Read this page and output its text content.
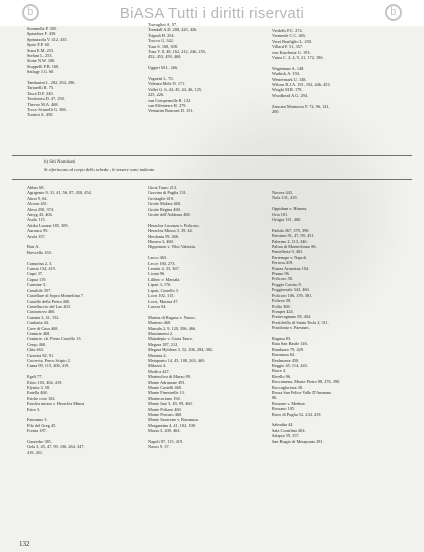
b	BiASA Tutti i diritti riservati	b
Sommella P. 305.
Spatafora F. 439.
Spinazzola V. 412, 435.
Spiro F.P. 60.
Stara E.M. 253.
Stefani L. 253.
Stone N.W. 180.
Stoppelli F.B. 168.
Szilagy J.G. 60.
Tamburini L. 282, 294, 296.
Tartarelli R. 75.
Tasca D.F. 240.
Teodoroiu D. 47, 250.
Thevoz M.A. 468.
Tocco Sciarelli G. 386.
Tornesi A. 458.
Travaglini A. 97.
Trendall A.D. 208, 425, 426.
Tripodi H. 254.
Trocco G. 342.
Tusa S. 168, 308.
Tusa V. 8, 48, 162, 212, 246, 255,
452, 453, 459, 468.
Uggeri M.L. 266.
Vagnetti L. 70.
Valenza Mele N. 171.
Vallet G. 6, 44, 45, 44, 46, 125,
225, 226.
van Compernolle R. 122.
van Effenterre H. 279.
Venturini Ronconi D. 151.
Verdelis P.C. 274.
Vermeule C.C. 465.
Verzi Bonfiglio L. 250.
Villard F. 51, 357.
von Kaschnitz G. 193.
Vutza C. 2, 4, 9, 21, 172, 186.
Wagemans A. 148.
Warbick A. 194.
Westermark U. 148.
Wilson R.J.A. 191, 192, 446, 453.
Wright M.R. 178.
Woodhead A.G. 294.
Zancani Montuoro P. 72, 96, 141,
200.
b) Siti Nominati
Si riferiscono al corpo dello scheda ; le tessere sono indicate.
Abbas 68.
Agrigento 9, 31, 41, 56, 87, 450, 454.
Akrai 9, 64.
Alceon 451.
Alesa 250, 374.
Amyg 43, 404.
Asolo 115.
Attika Lucana 185, 309.
Aurunco 95.
Avola 357.
Bari A.
Brescello 163.
Camarina 2, 3.
Cansia 134, 419.
Capri 37.
Capua 119.
Carmine 3.
Cassibile 357.
Castellare di Sopra Monteftina 7.
Castello della Pietra 460.
Castelluccio del Lao 403.
Castronovo 460.
Catania 2, 41, 152.
Caulonia 44.
Cave di Cusa 468.
Centurie 468.
Centurie, ch. Pieno Castello 13.
Cerqo 460.
Chiu 463.
Cizzeria 82, 91.
Crocevia, Parco Scipio 2.
Cuma 99, 115, 406, 419.
Egeli 77.
Eloro 103, 404, 419.
Elymia 3, 58.
Entella 468.
Eriche cose 163.
Eraclea minoa v. Heraclea Minoa
Erice 3.
Fauranno 3.
Filo del Greg 45.
Forina 187.
Gazzedro 381.
Gela 3, 45, 47, 99, 106, 264, 347,
419, 451.
Gioia Tauro 213.
Gravina di Puglia 131.
Grottaglie 419.
Grotte Molara 460.
Grotte Regina 460.
Grotte dell'Addaura 468.
Heraclea Lucenza v. Policoro.
Heraclea Minoa 3, 39, 44.
Herdonia 59, 266.
Himera 3, 468.
Hipponion v. Vibo Valentia.
Lacco 463.
Lecce 160, 273.
Lentini 4, 33, 367.
Licata 96.
Lilibeo v. Marsala.
Lipari 3, 176.
Lipari, Castello 3.
Locri 102, 115.
Locri, Marasa 47.
Lucera 94.
Marina di Ragusa v. Naxos.
Marineo 460.
Marsala 2, 9, 120, 396, 466.
Marzamemi 2.
Matadepio v. Gioia Tauro.
Megara 187, 212.
Megara Hyblaea 3, 52, 206, 284, 382.
Messina 4.
Metaponto 14, 45, 108, 263, 465.
Milazzo 4.
Modica 447.
Monteoliva di Marzo 99.
Monte Adranone 491.
Monte Castelli 460.
Monte Finestrelle 13.
Montecoriano 194.
Monte Iato 3, 49, 99, 460.
Monte Polizzo 460.
Monte Porcaro 460.
Monte Saraceno v. Ravanusa.
Morgantina 4, 41, 102, 108.
Mozia 3, 208, 463.
Napoli 87, 115, 419.
Naxos 9, 37.
Nocera 443.
Nola 131, 419.
Oppidum v. Himera.
Oria 101.
Ortigia 131, 460.
Padula 367, 379, 390.
Paestum 91, 47, 99, 451.
Palermo 2, 113, 246.
Palma di Montechiaro 86.
Pantelleria 9, 463.
Partenope v. Napoli.
Pertosa 419.
Piazza Armerina 104.
Pisano 96.
Policoro 58.
Poggio Carrito 8.
Poggioreale 343, 460.
Policoro 106, 159, 381.
Polizzo 58.
Pollia 368.
Pompei 424.
Pontecagnano 58, 404.
Portichello di Santa Tecla 2, 311.
Posidonia v. Paestum.
Ragusa 83.
Raia San Basile 146.
Randazzo 79, 429.
Ravanusa 84.
Realmonte 450.
Reggio 45, 114, 443.
Riace 4.
Rivello 96.
Roccamena, Monte Pietro 98, 276, 390.
Roccagloriosa 38.
Rossa San Felice Valle D'Amanno
86.
Rosarno v. Medma.
Rossano 105.
Ruvo di Puglia 52, 234, 419.
Sabratha 44.
Sala Consilina 404.
Salapia 59, 357.
San Biagio di Metaponto 281.
132
